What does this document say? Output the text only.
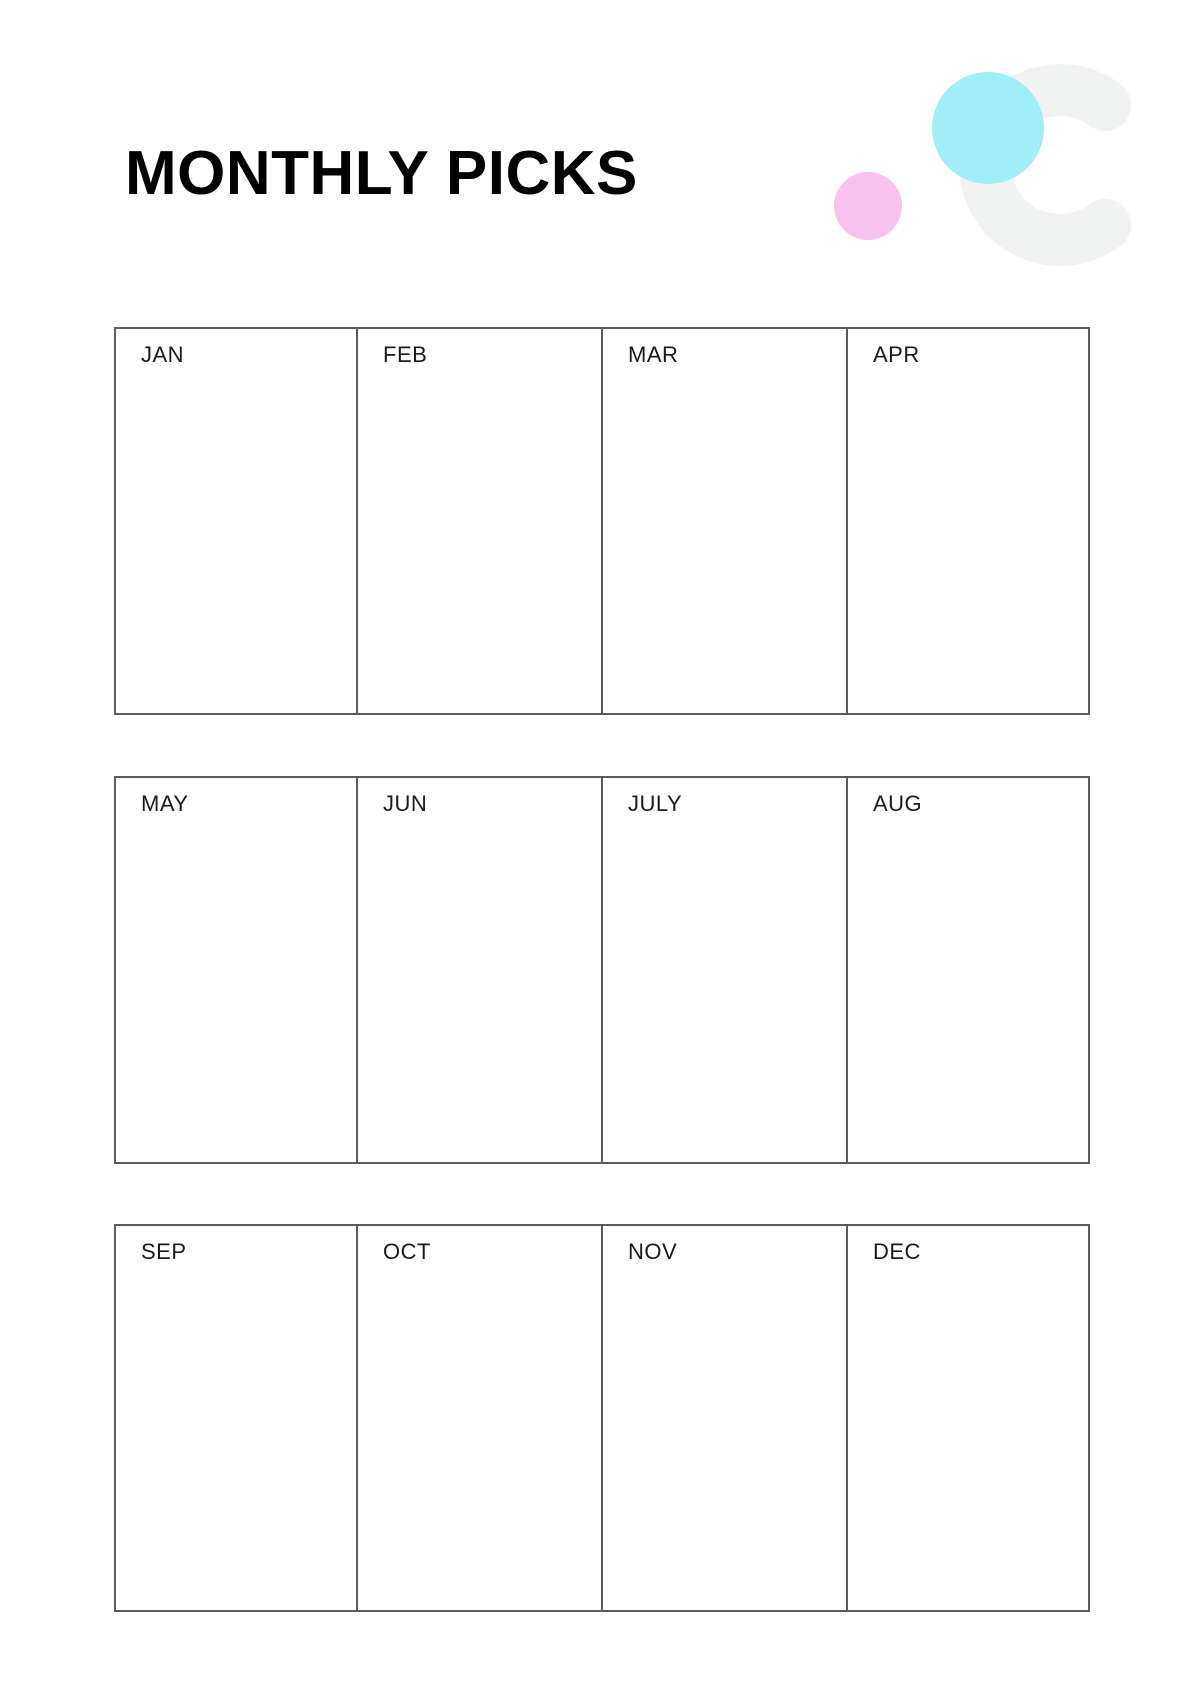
MONTHLY PICKS
JAN	FEB	MAR	APR
MAY	JUN	JULY	AUG
SEP	OCT	NOV	DEC
